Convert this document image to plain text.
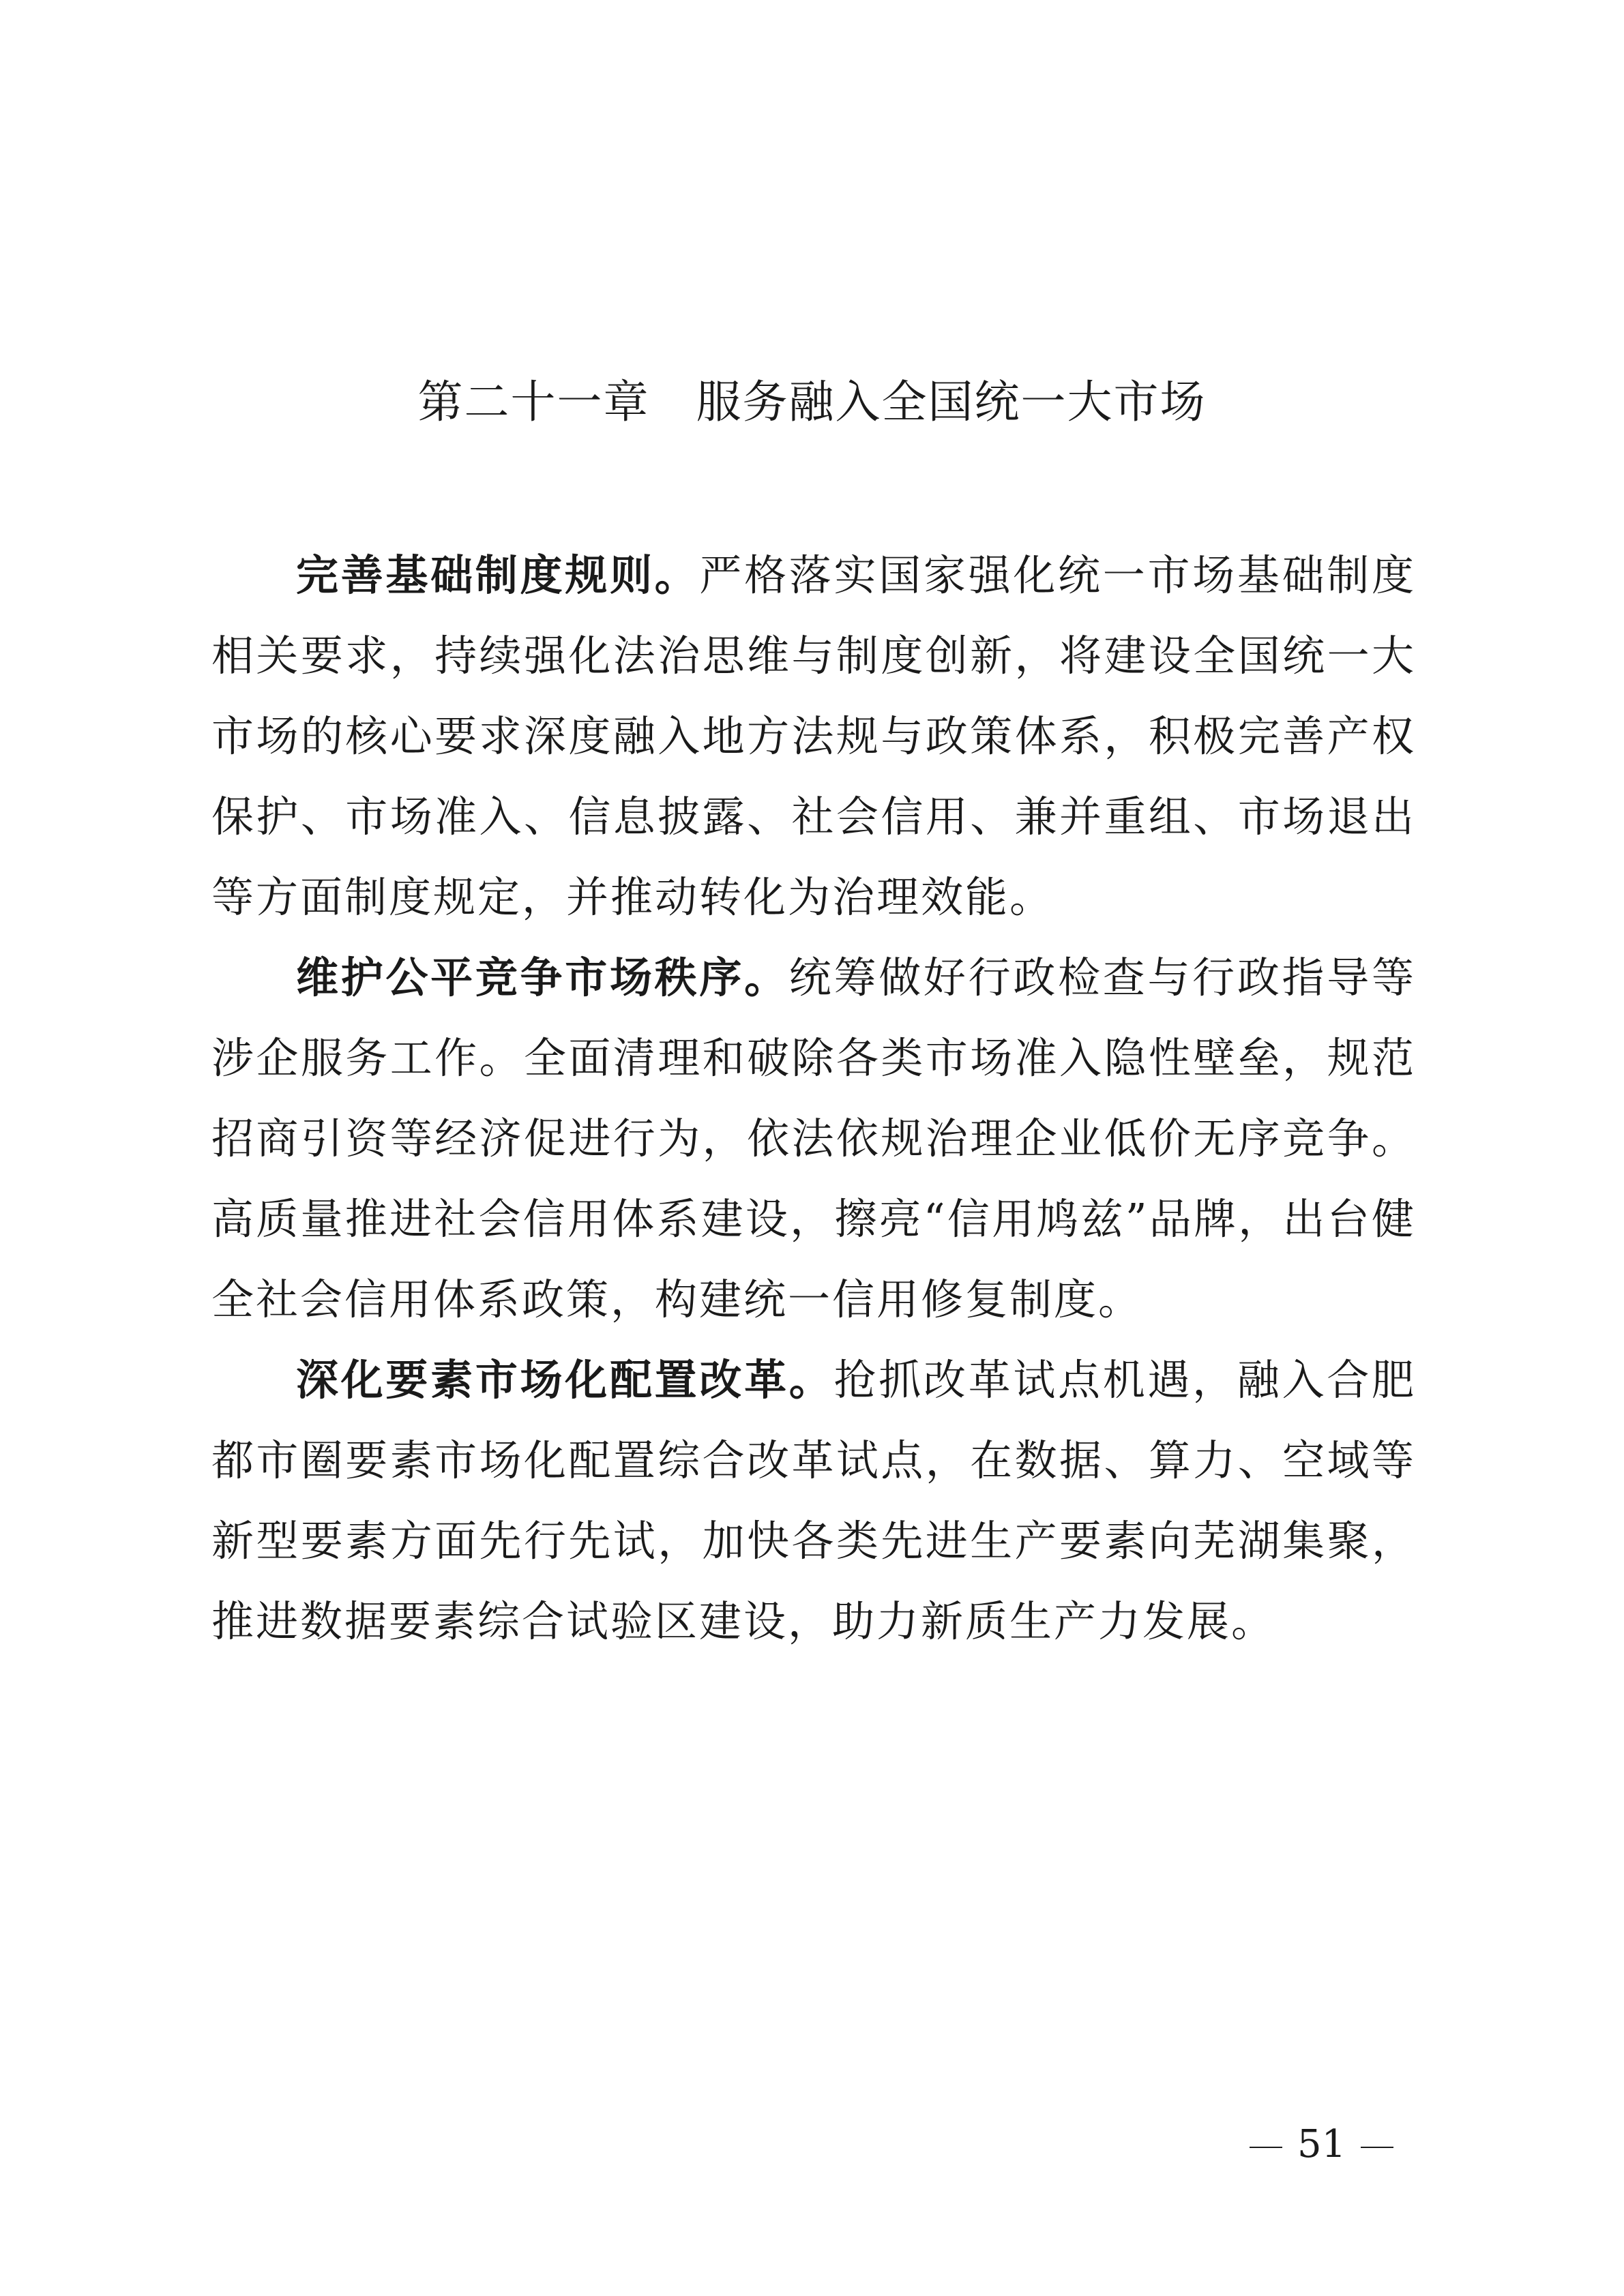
第二十一章　服务融入全国统一大市场

完善基础制度规则。严格落实国家强化统一市场基础制度相关要求，持续强化法治思维与制度创新，将建设全国统一大市场的核心要求深度融入地方法规与政策体系，积极完善产权保护、市场准入、信息披露、社会信用、兼并重组、市场退出等方面制度规定，并推动转化为治理效能。

维护公平竞争市场秩序。统筹做好行政检查与行政指导等涉企服务工作。全面清理和破除各类市场准入隐性壁垒，规范招商引资等经济促进行为，依法依规治理企业低价无序竞争。高质量推进社会信用体系建设，擦亮“信用鸠兹”品牌，出台健全社会信用体系政策，构建统一信用修复制度。

深化要素市场化配置改革。抢抓改革试点机遇，融入合肥都市圈要素市场化配置综合改革试点，在数据、算力、空域等新型要素方面先行先试，加快各类先进生产要素向芜湖集聚，推进数据要素综合试验区建设，助力新质生产力发展。

51
